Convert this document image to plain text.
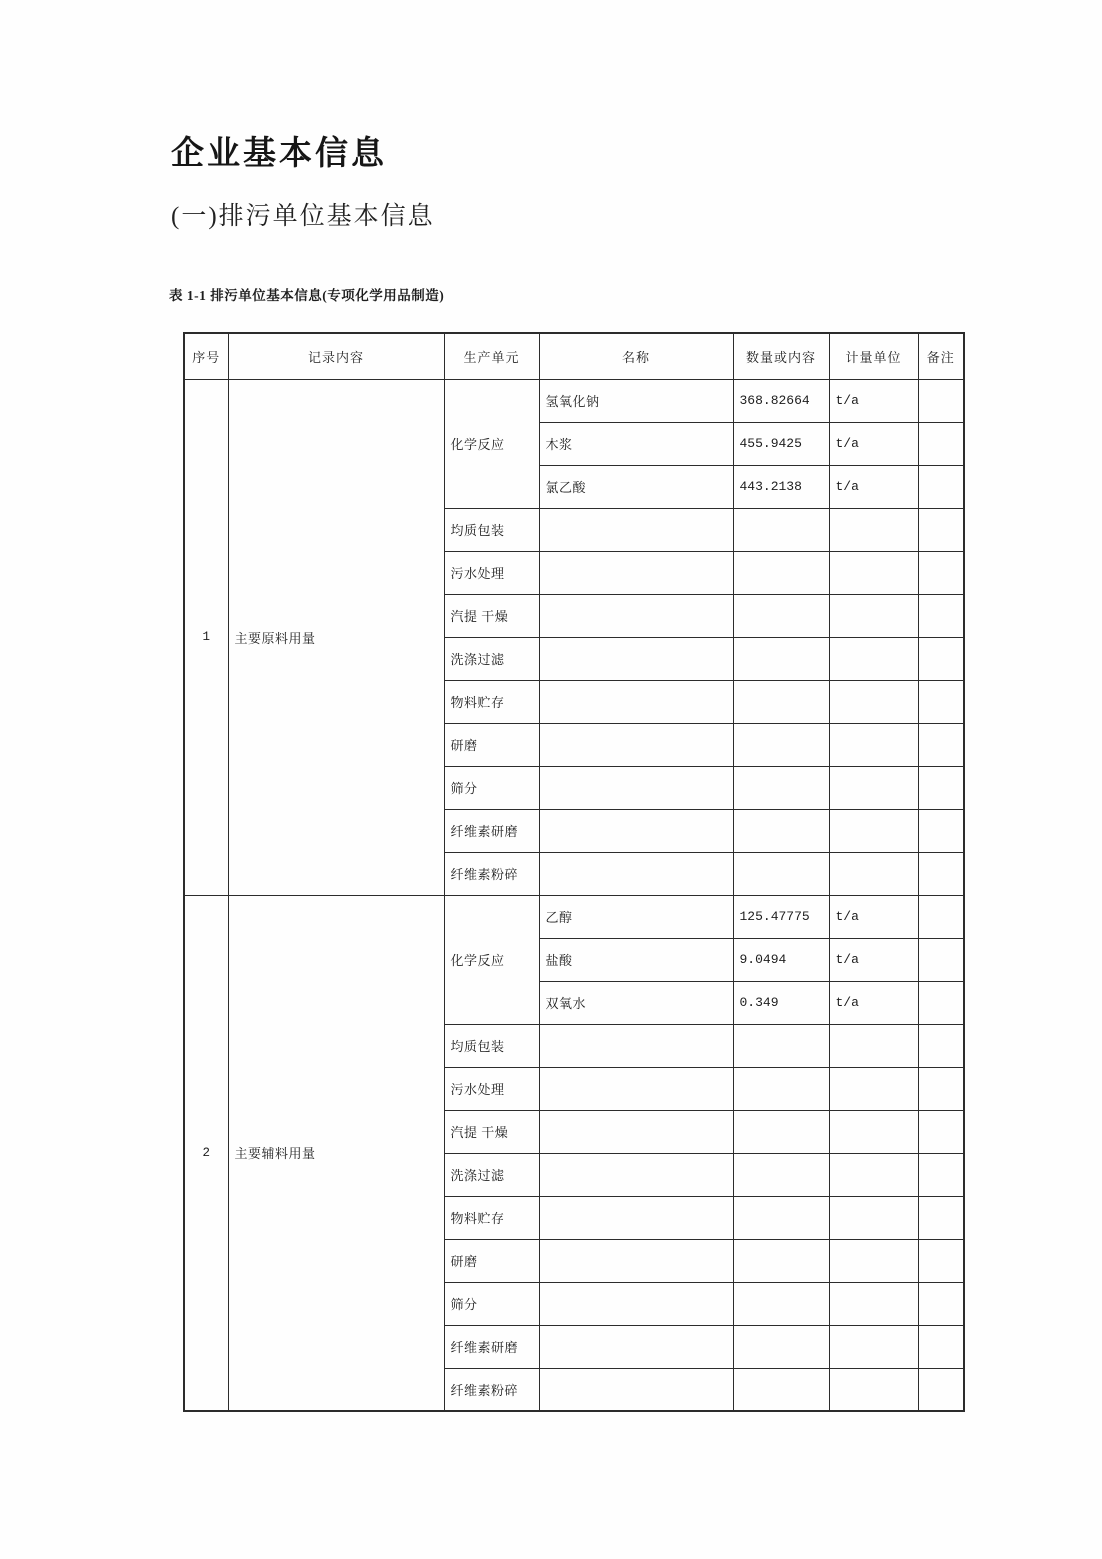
企业基本信息
(一)排污单位基本信息
表 1-1 排污单位基本信息(专项化学用品制造)
序号	记录内容	生产单元	名称	数量或内容	计量单位	备注
1	主要原料用量	化学反应	氢氧化钠	368.82664	t/a	
			木浆	455.9425	t/a	
			氯乙酸	443.2138	t/a	
		均质包装				
		污水处理				
		汽提 干燥				
		洗涤过滤				
		物料贮存				
		研磨				
		筛分				
		纤维素研磨				
		纤维素粉碎				
2	主要辅料用量	化学反应	乙醇	125.47775	t/a	
			盐酸	9.0494	t/a	
			双氧水	0.349	t/a	
		均质包装				
		污水处理				
		汽提 干燥				
		洗涤过滤				
		物料贮存				
		研磨				
		筛分				
		纤维素研磨				
		纤维素粉碎				
